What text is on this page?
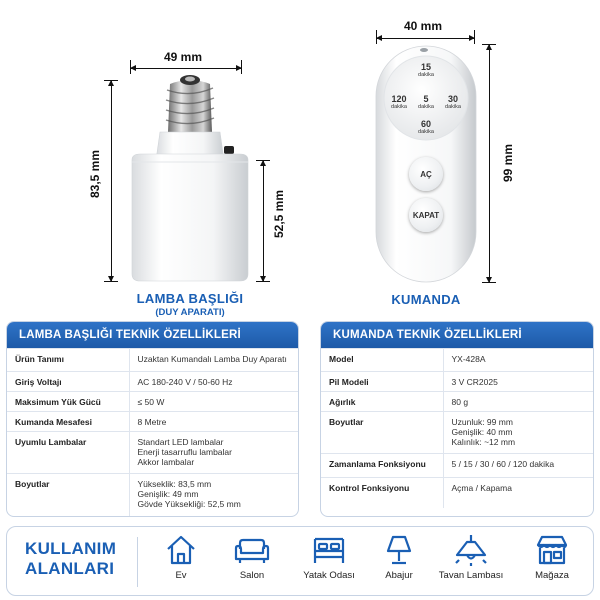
49 mm
83,5 mm
52,5 mm
LAMBA BAŞLIĞI
(DUY APARATI)
40 mm
99 mm
15
dakika
120
dakika
5
dakika
30
dakika
60
dakika
AÇ
KAPAT
KUMANDA
LAMBA BAŞLIĞI TEKNİK ÖZELLİKLERİ
Ürün Tanımı	Uzaktan Kumandalı Lamba Duy Aparatı

Giriş Voltajı	AC 180-240 V / 50-60 Hz

Maksimum Yük Gücü	≤ 50 W

Kumanda Mesafesi	8 Metre

Uyumlu Lambalar	Standart LED lambalar
Enerji tasarruflu lambalar
Akkor lambalar

Boyutlar	Yükseklik: 83,5 mm
Genişlik: 49 mm
Gövde Yüksekliği: 52,5 mm
KUMANDA TEKNİK ÖZELLİKLERİ
Model	YX-428A

Pil Modeli	3 V CR2025

Ağırlık	80 g

Boyutlar	Uzunluk: 99 mm
Genişlik: 40 mm
Kalınlık: ~12 mm

Zamanlama Fonksiyonu	5 / 15 / 30 / 60 / 120 dakika

Kontrol Fonksiyonu	Açma / Kapama
KULLANIM
ALANLARI	Ev	Salon	Yatak Odası	Abajur	Tavan Lambası	Mağaza
